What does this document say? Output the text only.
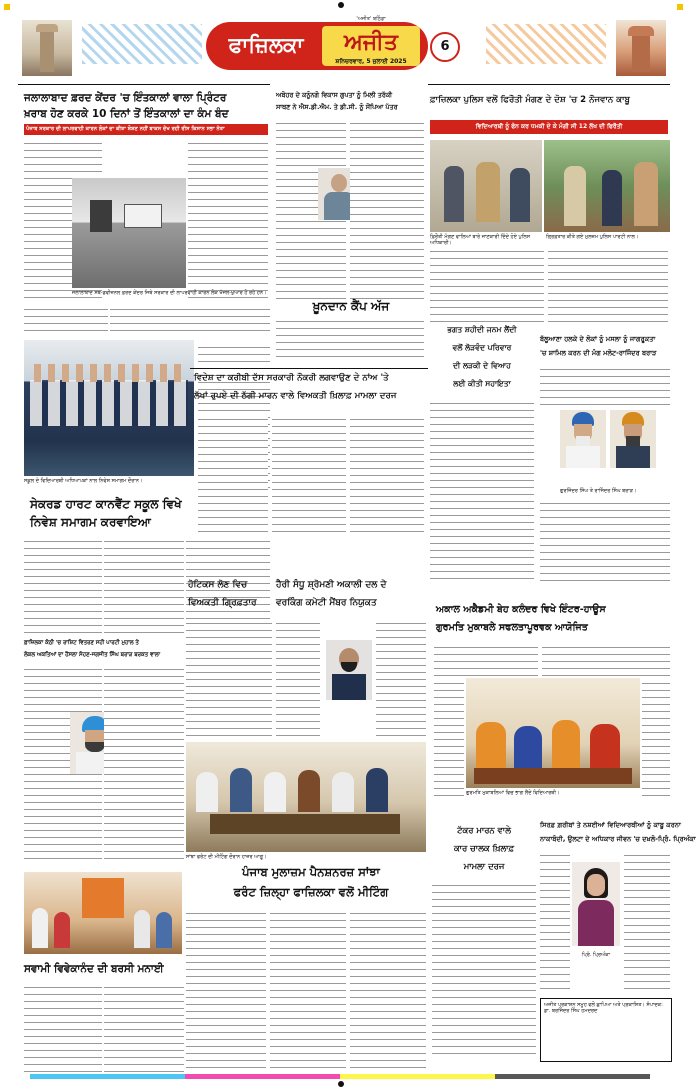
ਫਾਜ਼ਿਲਕਾ	ਅਜੀਤ
'ਅਜੀਤ' ਬਠਿੰਡਾ
ਸ਼ਨਿਚਰਵਾਰ, 5 ਜੁਲਾਈ 2025
6
ਜਲਾਲਾਬਾਦ ਫ਼ਰਦ ਕੇਂਦਰ 'ਚ ਇੰਤਕਾਲਾਂ ਵਾਲਾ ਪ੍ਰਿੰਟਰ
ਖ਼ਰਾਬ ਹੋਣ ਕਰਕੇ 10 ਦਿਨਾਂ ਤੋਂ ਇੰਤਕਾਲਾਂ ਦਾ ਕੰਮ ਬੰਦ
ਪੰਜਾਬ ਸਰਕਾਰ ਦੀ ਲਾਪਰਵਾਹੀ ਕਾਰਨ ਲੋਕਾਂ ਦਾ ਕੀਤਾ ਸ਼ੋਸ਼ਣ ਨਹੀਂ ਬਾਕਸ ਦੇਖ ਰਹੀ ਰੀਸ ਕਿਸਾਨ ਸਭਾ ਨੇਤਾ
ਜਲਾਲਾਬਾਦ ਸਬ-ਡਵੀਜ਼ਨਲ ਫ਼ਰਦ ਕੇਂਦਰ ਜਿਥੇ ਸਰਕਾਰ ਦੀ ਲਾਪਰਵਾਹੀ ਕਾਰਨ ਲੋਕ ਖੱਜਲ-ਖੁਆਰ ਹੋ ਰਹੇ ਹਨ।
ਅਬੋਹਰ ਦੇ ਕਨੂੰਨਗੋ ਵਿਕਾਸ ਗੁਪਤਾ ਨੂੰ ਮਿਲੀ ਤਰੱਕੀ
ਸਾਥਣ ਨੇ ਐਸ.ਡੀ.ਐਮ. ਤੇ ਡੀ.ਸੀ. ਨੂੰ ਸੋਂਪਿਆ ਪੱਤਰ
ਖ਼ੂਨਦਾਨ ਕੈਂਪ ਅੱਜ
ਫ਼ਾਜ਼ਿਲਕਾ ਪੁਲਿਸ ਵਲੋਂ ਫਿਰੌਤੀ ਮੰਗਣ ਦੇ ਦੋਸ਼ 'ਚ 2 ਨੌਜਵਾਨ ਕਾਬੂ
ਵਿਦਿਆਰਥੀ ਨੂੰ ਫੋਨ ਕਰ ਧਮਕੀ ਦੇ ਕੇ ਮੰਗੀ ਸੀ 12 ਲੱਖ ਦੀ ਫਿਰੌਤੀ
ਫ਼ਿਰੌਤੀ ਮੰਗਣ ਵਾਲਿਆਂ ਬਾਰੇ ਜਾਣਕਾਰੀ ਦਿੰਦੇ ਹੋਏ ਪੁਲਿਸ ਅਧਿਕਾਰੀ।
ਗ੍ਰਿਫ਼ਤਾਰ ਕੀਤੇ ਗਏ ਮੁਲਜ਼ਮ ਪੁਲਿਸ ਪਾਰਟੀ ਨਾਲ।
ਸਕੂਲ ਦੇ ਵਿਦਿਆਰਥੀ ਅਧਿਆਪਕਾਂ ਨਾਲ ਨਿਵੇਸ਼ ਸਮਾਗਮ ਦੌਰਾਨ।
ਸੇਕਰਡ ਹਾਰਟ ਕਾਨਵੈਂਟ ਸਕੂਲ ਵਿਖੇ
ਨਿਵੇਸ਼ ਸਮਾਗਮ ਕਰਵਾਇਆ
ਵਿਦੇਸ਼ ਦਾ ਕਰੀਬੀ ਦੱਸ ਸਰਕਾਰੀ ਨੌਕਰੀ ਲਗਵਾਉਣ ਦੇ ਨਾਂਅ 'ਤੇ
ਲੱਖਾਂ ਰੁਪਏ ਦੀ ਠੱਗੀ ਮਾਰਨ ਵਾਲੇ ਵਿਅਕਤੀ ਖ਼ਿਲਾਫ਼ ਮਾਮਲਾ ਦਰਜ
ਭਗਤ ਸ਼ਹੀਦੀ ਜਨਮ ਲੈਂਦੀ
ਵਲੋਂ ਲੋੜਵੰਦ ਪਰਿਵਾਰ
ਦੀ ਲੜਕੀ ਦੇ ਵਿਆਹ
ਲਈ ਕੀਤੀ ਸਹਾਇਤਾ
ਬੱਲੂਆਣਾ ਹਲਕੇ ਦੇ ਲੋਕਾਂ ਨੂੰ ਮਸਲਾ ਨੂੰ ਜਾਗਰੂਕਤਾ
'ਚ ਸ਼ਾਮਿਲ ਕਰਨ ਦੀ ਮੰਗ ਮਲੋਟ-ਰਾਜਿੰਦਰ ਬਰਾੜ
ਗੁਰਜਿੰਦਰ ਸਿੰਘ ਤੇ ਰਾਜਿੰਦਰ ਸਿੰਘ ਬਰਾੜ।
ਹੋਟਿਕਸ ਲੋਣ ਵਿਚ
ਵਿਅਕਤੀ ਗ੍ਰਿਫ਼ਤਾਰ
ਹੈਰੀ ਸੰਧੂ ਸ਼੍ਰੋਮਣੀ ਅਕਾਲੀ ਦਲ ਦੇ
ਵਰਕਿੰਗ ਕਮੇਟੀ ਮੈਂਬਰ ਨਿਯੁਕਤ
ਅਕਾਲ ਅਕੈਡਮੀ ਬੇਹ ਕਲੰਦਰ ਵਿਖੇ ਇੰਟਰ-ਹਾਊਸ
ਗੁਰਮਤਿ ਮੁਕਾਬਲੇ ਸਫਲਤਾਪੂਰਵਕ ਆਯੋਜਿਤ
ਗੁਰਮਤਿ ਮੁਕਾਬਲਿਆਂ ਵਿਚ ਭਾਗ ਲੈਂਦੇ ਵਿਦਿਆਰਥੀ।
ਫ਼ਾਜ਼ਿਲਕਾ ਕੋਠੀ 'ਚ ਰਾਸ਼ਿਟ ਵਿਤਰਣ ਸਹੀ ਪਾਰਟੀ ਮੁਹਾਲ ਤੇ
ਲੋਕਲ ਅਕਤਿਆਂ ਦਾ ਹੌਂਸਲਾ ਸੋਹਣ-ਜਗਜੀਤ ਸਿੰਘ ਬਰਾੜ ਬਰਕਤ ਵਾਲਾ
ਸਾਂਝਾ ਫਰੰਟ ਦੀ ਮੀਟਿੰਗ ਦੌਰਾਨ ਹਾਜ਼ਰ ਆਗੂ।
ਪੰਜਾਬ ਮੁਲਾਜ਼ਮ ਪੈਨਸ਼ਨਰਜ਼ ਸਾਂਝਾ
ਫਰੰਟ ਜ਼ਿਲ੍ਹਾ ਫਾਜ਼ਿਲਕਾ ਵਲੋਂ ਮੀਟਿੰਗ
ਸਵਾਮੀ ਵਿਵੇਕਾਨੰਦ ਦੀ ਬਰਸੀ ਮਨਾਈ
ਟੱਕਰ ਮਾਰਨ ਵਾਲੇ
ਕਾਰ ਚਾਲਕ ਖ਼ਿਲਾਫ਼
ਮਾਮਲਾ ਦਰਜ
ਸਿਰਫ਼ ਗ਼ਰੀਬਾਂ ਤੇ ਨਸ਼ਈਆਂ ਵਿਦਿਆਰਥੀਆਂ ਨੂੰ ਕਾਬੂ ਕਰਨਾ
ਨਾਕਾਬੰਦੀ, ਉਲਟਾ ਦੇ ਅਧਿਕਾਰ ਜੀਵਨ 'ਚ ਦਖ਼ਲੋ-ਪ੍ਰਿੰ. ਪ੍ਰਿਅੰਕਾ
ਪ੍ਰਿੰ. ਪ੍ਰਿਅੰਕਾ
ਅਜੀਤ ਪ੍ਰਕਾਸ਼ਨ ਸਮੂਹ ਵਲੋਂ ਛਾਪਿਆ ਅਤੇ ਪ੍ਰਕਾਸ਼ਿਤ। ਸੰਪਾਦਕ: ਡਾ. ਬਰਜਿੰਦਰ ਸਿੰਘ ਹਮਦਰਦ
